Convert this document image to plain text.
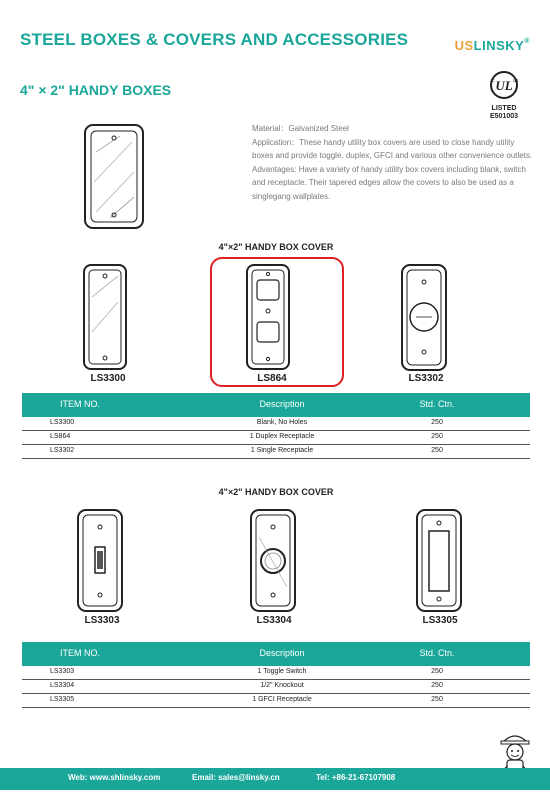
STEEL BOXES & COVERS AND ACCESSORIES	USLINSKY®
4" × 2" HANDY BOXES	UL
c	us
LISTED
E501003

Material：Galvanized Steel

Application：These handy utility box covers are used to close handy utility boxes and provide toggle, duplex, GFCI and various other convenience outlets.

Advantages: Have a variety of handy utility box covers including blank, switch and receptacle. Their tapered edges allow the covers to also be used as a singlegang wallplates.

4"×2" HANDY BOX COVER
LS3300	LS864	LS3302
ITEM NO.	Description	Std. Ctn.
LS3300	Blank, No Holes	250
LS864	1 Duplex Receptacle	250
LS3302	1 Single Receptacle	250
4"×2" HANDY BOX COVER
LS3303	LS3304	LS3305
ITEM NO.	Description	Std. Ctn.
LS3303	1 Toggle Switch	250
LS3304	1/2" Knockout	250
LS3305	1 GFCI Receptacle	250
Web: www.shlinsky.com	Email: sales@linsky.cn	Tel: +86-21-67107908
